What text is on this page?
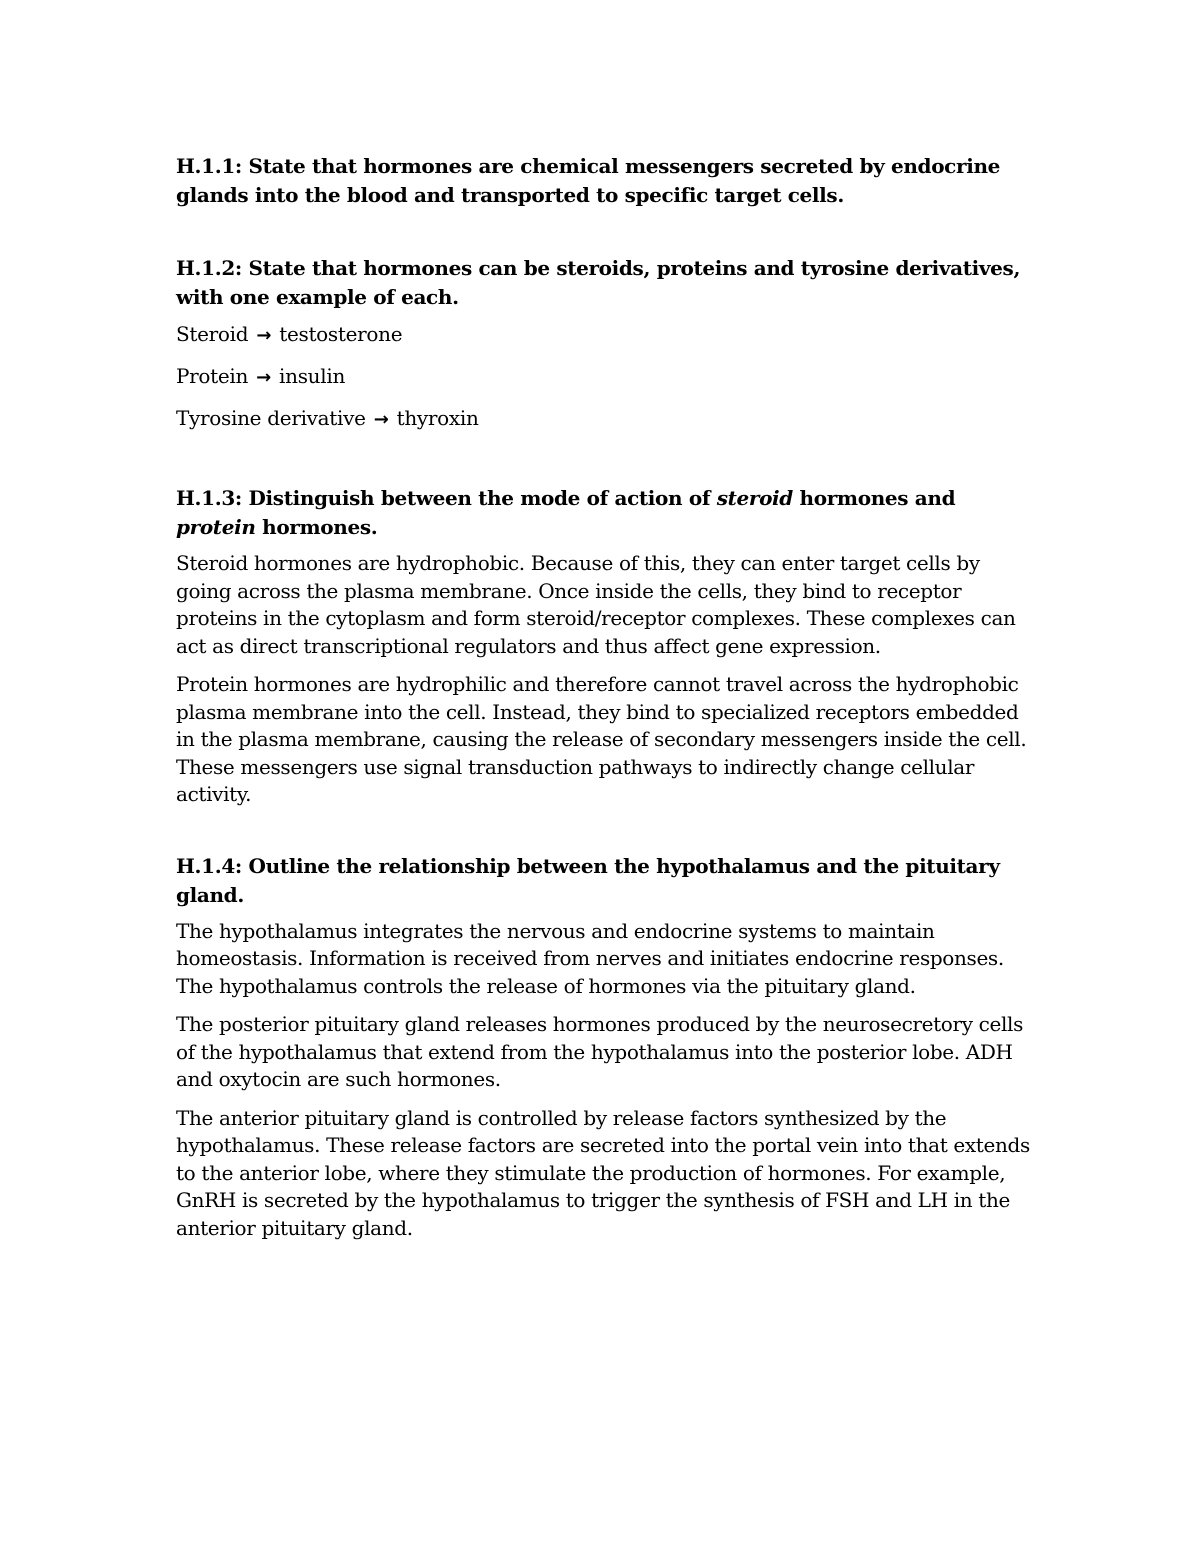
H.1.1: State that hormones are chemical messengers secreted by endocrine glands into the blood and transported to specific target cells.
H.1.2: State that hormones can be steroids, proteins and tyrosine derivatives, with one example of each.
Steroid → testosterone
Protein → insulin
Tyrosine derivative → thyroxin
H.1.3: Distinguish between the mode of action of steroid hormones and protein hormones.

Steroid hormones are hydrophobic. Because of this, they can enter target cells by going across the plasma membrane. Once inside the cells, they bind to receptor proteins in the cytoplasm and form steroid/receptor complexes. These complexes can act as direct transcriptional regulators and thus affect gene expression.

Protein hormones are hydrophilic and therefore cannot travel across the hydrophobic plasma membrane into the cell. Instead, they bind to specialized receptors embedded in the plasma membrane, causing the release of secondary messengers inside the cell. These messengers use signal transduction pathways to indirectly change cellular activity.

H.1.4: Outline the relationship between the hypothalamus and the pituitary gland.

The hypothalamus integrates the nervous and endocrine systems to maintain homeostasis. Information is received from nerves and initiates endocrine responses. The hypothalamus controls the release of hormones via the pituitary gland.

The posterior pituitary gland releases hormones produced by the neurosecretory cells of the hypothalamus that extend from the hypothalamus into the posterior lobe. ADH and oxytocin are such hormones.

The anterior pituitary gland is controlled by release factors synthesized by the hypothalamus. These release factors are secreted into the portal vein into that extends to the anterior lobe, where they stimulate the production of hormones. For example, GnRH is secreted by the hypothalamus to trigger the synthesis of FSH and LH in the anterior pituitary gland.
